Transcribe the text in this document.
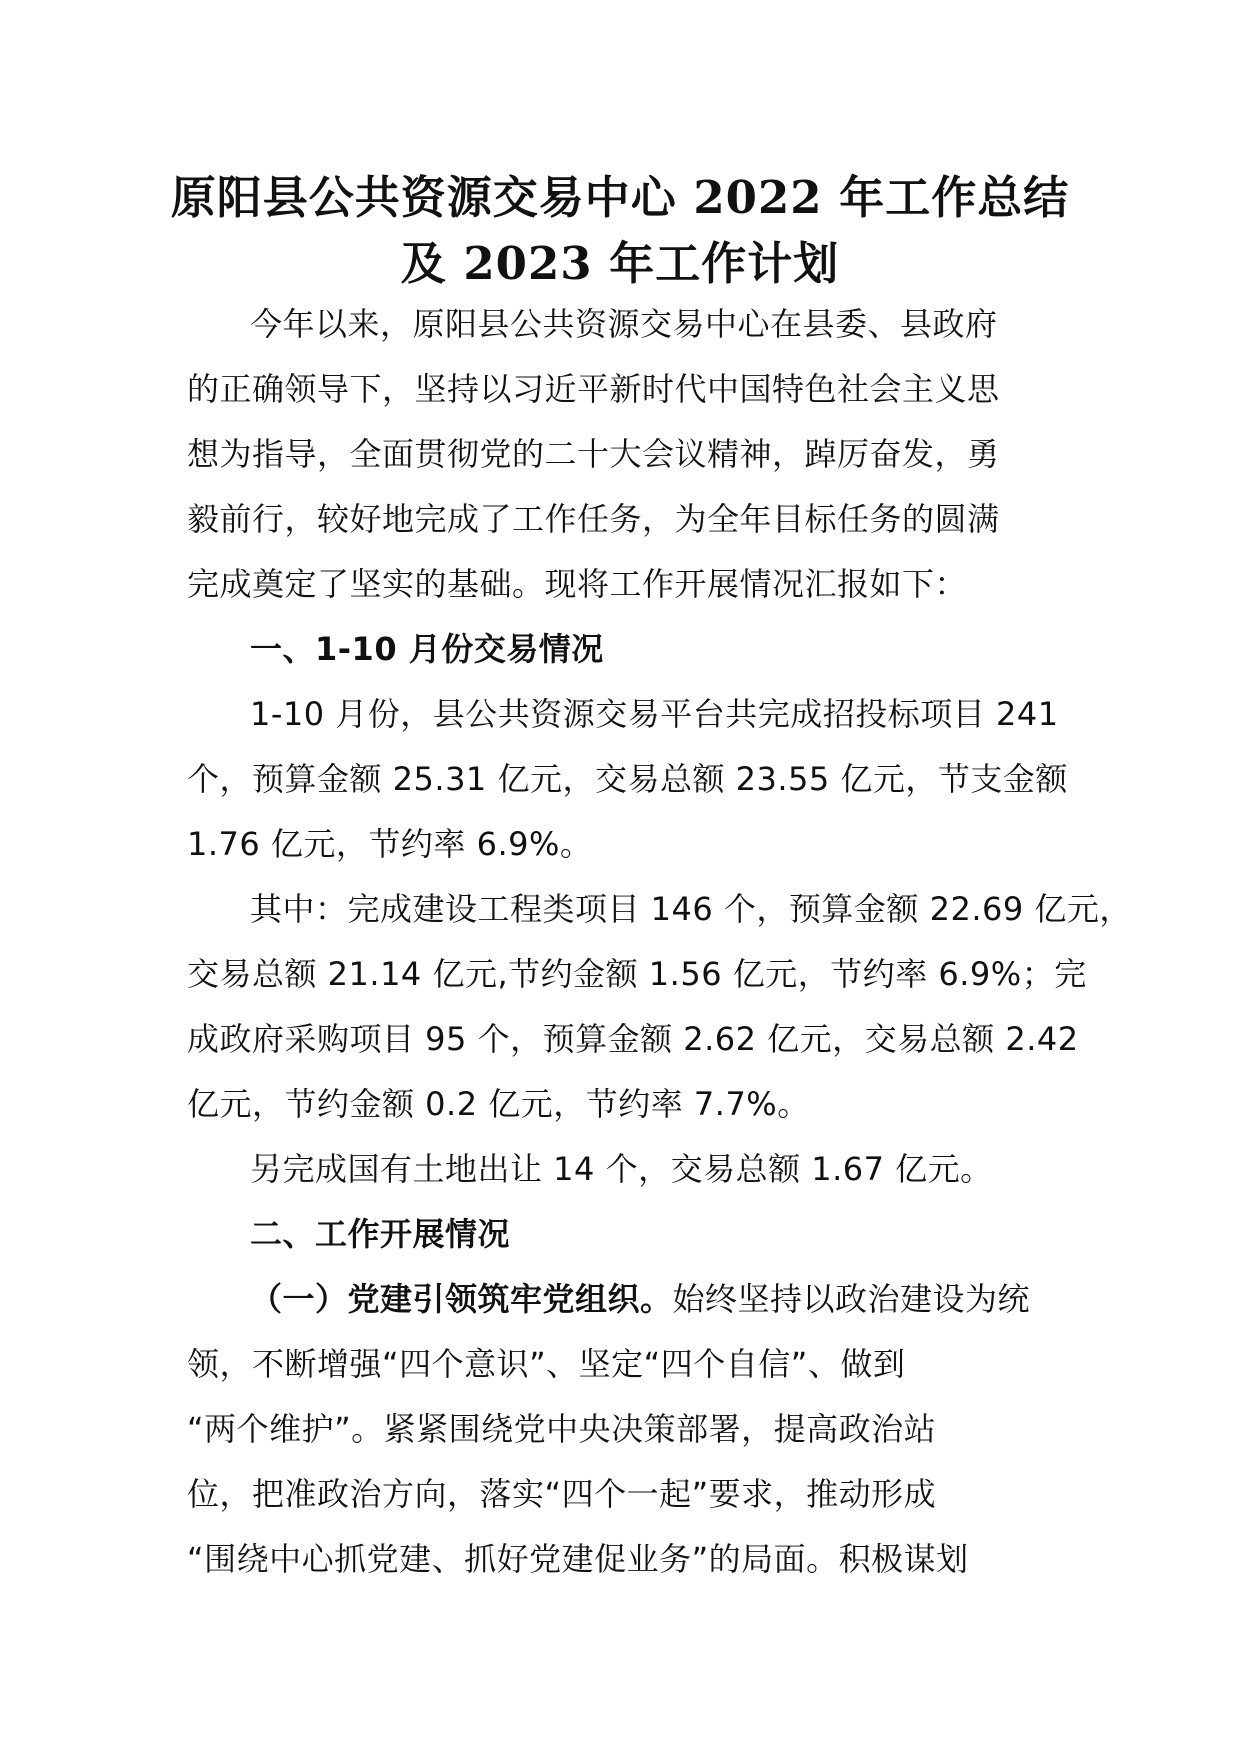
原阳县公共资源交易中心 2022 年工作总结
及 2023 年工作计划
今年以来，原阳县公共资源交易中心在县委、县政府
的正确领导下，坚持以习近平新时代中国特色社会主义思
想为指导，全面贯彻党的二十大会议精神，踔厉奋发，勇
毅前行，较好地完成了工作任务，为全年目标任务的圆满
完成奠定了坚实的基础。现将工作开展情况汇报如下：
一、1-10 月份交易情况
1-10 月份，县公共资源交易平台共完成招投标项目 241
个，预算金额 25.31 亿元，交易总额 23.55 亿元，节支金额
1.76 亿元，节约率 6.9%。
其中：完成建设工程类项目 146 个，预算金额 22.69 亿元，
交易总额 21.14 亿元,节约金额 1.56 亿元，节约率 6.9%；完
成政府采购项目 95 个，预算金额 2.62 亿元，交易总额 2.42
亿元，节约金额 0.2 亿元，节约率 7.7%。
另完成国有土地出让 14 个，交易总额 1.67 亿元。
二、工作开展情况
（一）党建引领筑牢党组织。始终坚持以政治建设为统
领，不断增强“四个意识”、坚定“四个自信”、做到
“两个维护”。紧紧围绕党中央决策部署，提高政治站
位，把准政治方向，落实“四个一起”要求，推动形成
“围绕中心抓党建、抓好党建促业务”的局面。积极谋划
